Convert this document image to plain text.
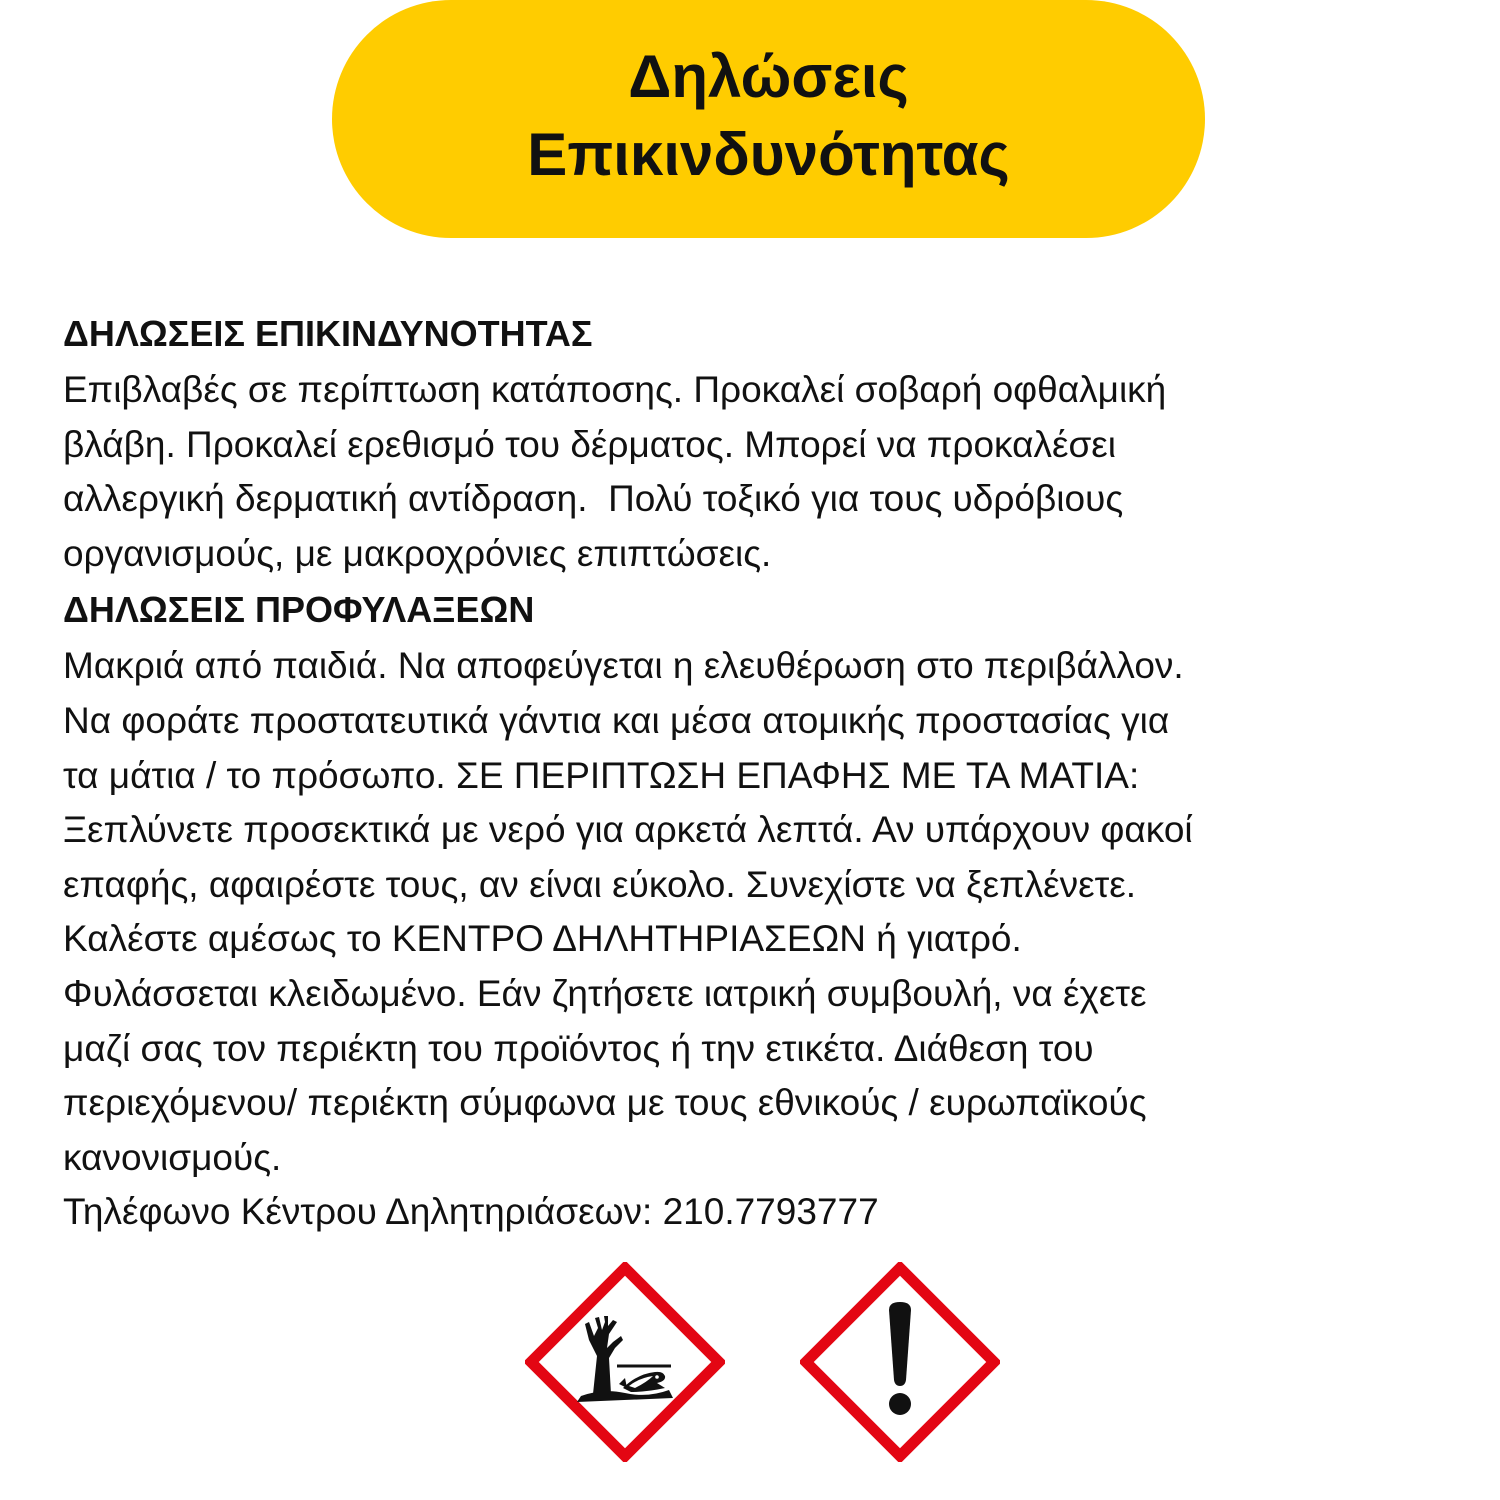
Δηλώσεις
Επικινδυνότητας
ΔΗΛΩΣΕΙΣ ΕΠΙΚΙΝΔΥΝΟΤΗΤΑΣ
Επιβλαβές σε περίπτωση κατάποσης. Προκαλεί σοβαρή οφθαλμική
βλάβη. Προκαλεί ερεθισμό του δέρματος. Μπορεί να προκαλέσει
αλλεργική δερματική αντίδραση.  Πολύ τοξικό για τους υδρόβιους
οργανισμούς, με μακροχρόνιες επιπτώσεις.
ΔΗΛΩΣΕΙΣ ΠΡΟΦΥΛΑΞΕΩΝ
Μακριά από παιδιά. Να αποφεύγεται η ελευθέρωση στο περιβάλλον.
Να φοράτε προστατευτικά γάντια και μέσα ατομικής προστασίας για
τα μάτια / το πρόσωπο. ΣΕ ΠΕΡΙΠΤΩΣΗ ΕΠΑΦΗΣ ΜΕ ΤΑ ΜΑΤΙΑ:
Ξεπλύνετε προσεκτικά με νερό για αρκετά λεπτά. Αν υπάρχουν φακοί
επαφής, αφαιρέστε τους, αν είναι εύκολο. Συνεχίστε να ξεπλένετε.
Καλέστε αμέσως το ΚΕΝΤΡΟ ΔΗΛΗΤΗΡΙΑΣΕΩΝ ή γιατρό.
Φυλάσσεται κλειδωμένο. Εάν ζητήσετε ιατρική συμβουλή, να έχετε
μαζί σας τον περιέκτη του προϊόντος ή την ετικέτα. Διάθεση του
περιεχόμενου/ περιέκτη σύμφωνα με τους εθνικούς / ευρωπαϊκούς
κανονισμούς.
Τηλέφωνο Κέντρου Δηλητηριάσεων: 210.7793777
